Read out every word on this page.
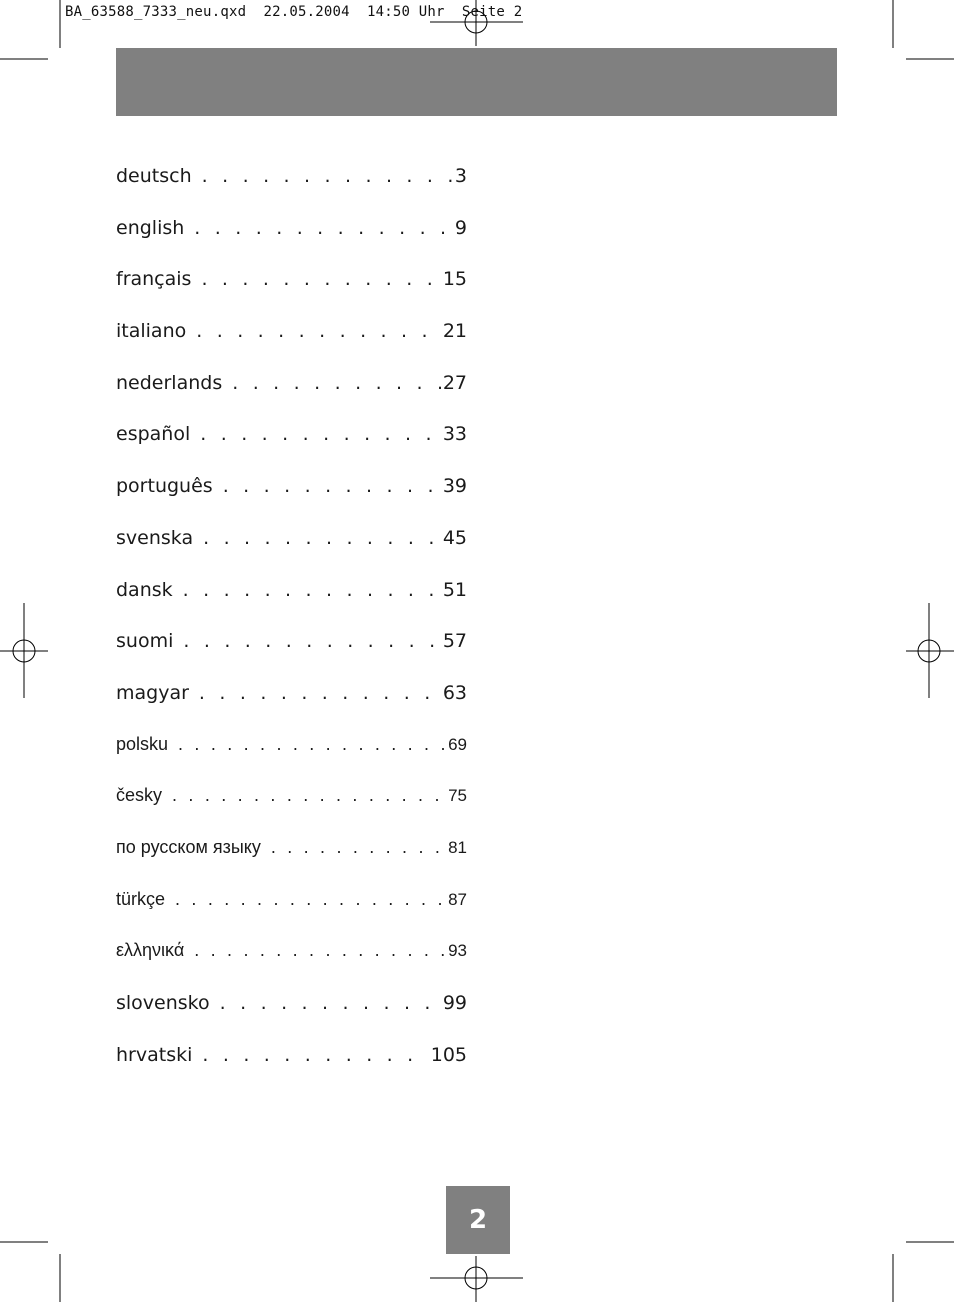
BA_63588_7333_neu.qxd  22.05.2004  14:50 Uhr  Seite 2
deutsch . . .	3
english . . .	9
français . . .	15
italiano . . .	21
nederlands . . .	27
español . . .	33
português . . .	39
svenska . . .	45
dansk . . .	51
suomi . . .	57
magyar . . .	63
polsku . . .	69
česky . . .	75
по русском языку . . .	81
türkçe . . .	87
ελληνικά . . .	93
slovensko . . .	99
hrvatski . . .	105
2
